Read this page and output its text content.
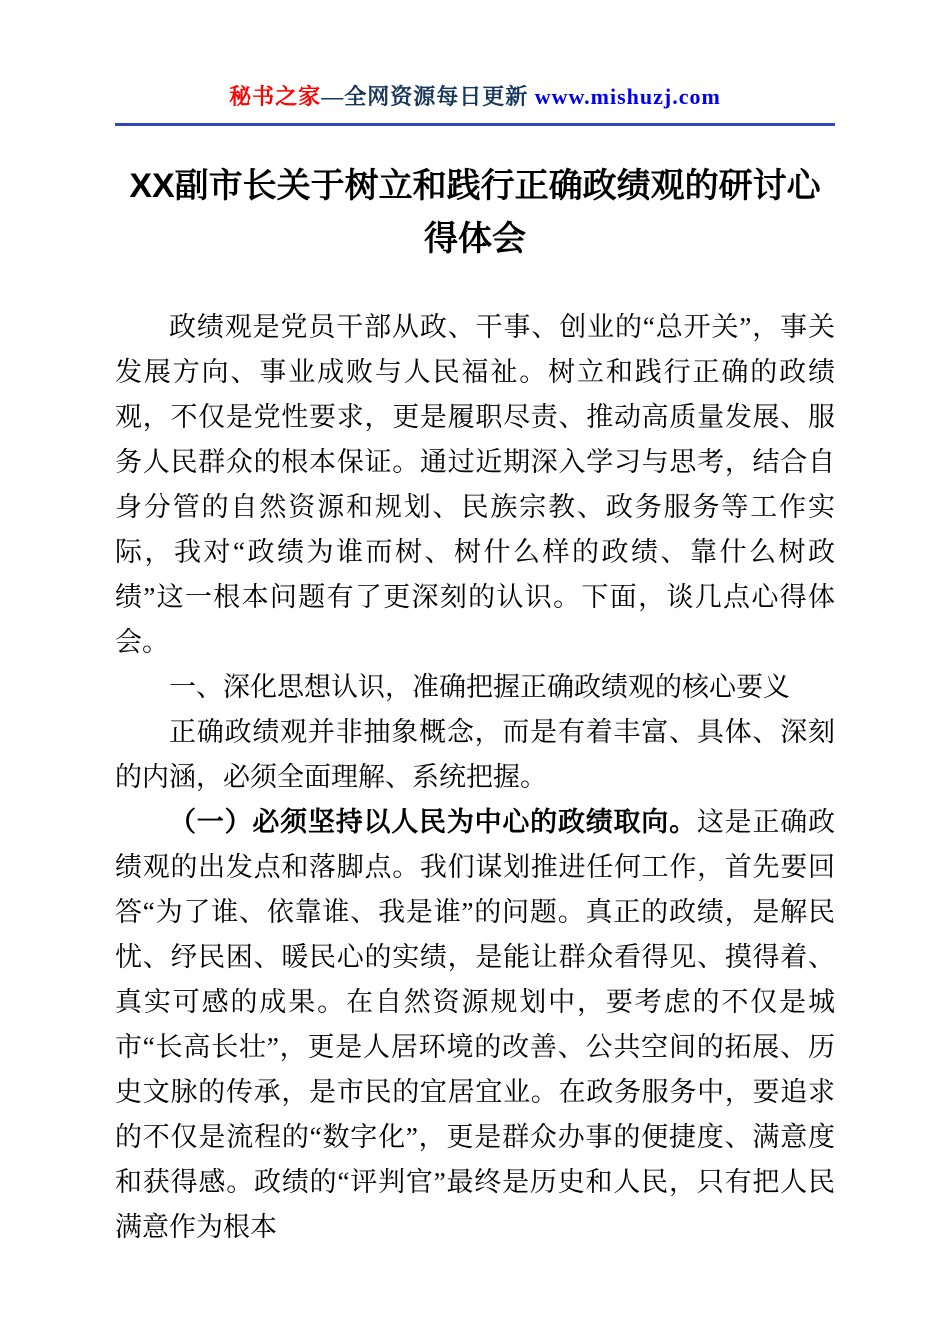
秘书之家—全网资源每日更新 www.mishuzj.com
XX副市长关于树立和践行正确政绩观的研讨心得体会

政绩观是党员干部从政、干事、创业的“总开关”，事关发展方向、事业成败与人民福祉。树立和践行正确的政绩观，不仅是党性要求，更是履职尽责、推动高质量发展、服务人民群众的根本保证。通过近期深入学习与思考，结合自身分管的自然资源和规划、民族宗教、政务服务等工作实际，我对“政绩为谁而树、树什么样的政绩、靠什么树政绩”这一根本问题有了更深刻的认识。下面，谈几点心得体会。

一、深化思想认识，准确把握正确政绩观的核心要义

正确政绩观并非抽象概念，而是有着丰富、具体、深刻的内涵，必须全面理解、系统把握。

（一）必须坚持以人民为中心的政绩取向。这是正确政绩观的出发点和落脚点。我们谋划推进任何工作，首先要回答“为了谁、依靠谁、我是谁”的问题。真正的政绩，是解民忧、纾民困、暖民心的实绩，是能让群众看得见、摸得着、真实可感的成果。在自然资源规划中，要考虑的不仅是城市“长高长壮”，更是人居环境的改善、公共空间的拓展、历史文脉的传承，是市民的宜居宜业。在政务服务中，要追求的不仅是流程的“数字化”，更是群众办事的便捷度、满意度和获得感。政绩的“评判官”最终是历史和人民，只有把人民满意作为根本
